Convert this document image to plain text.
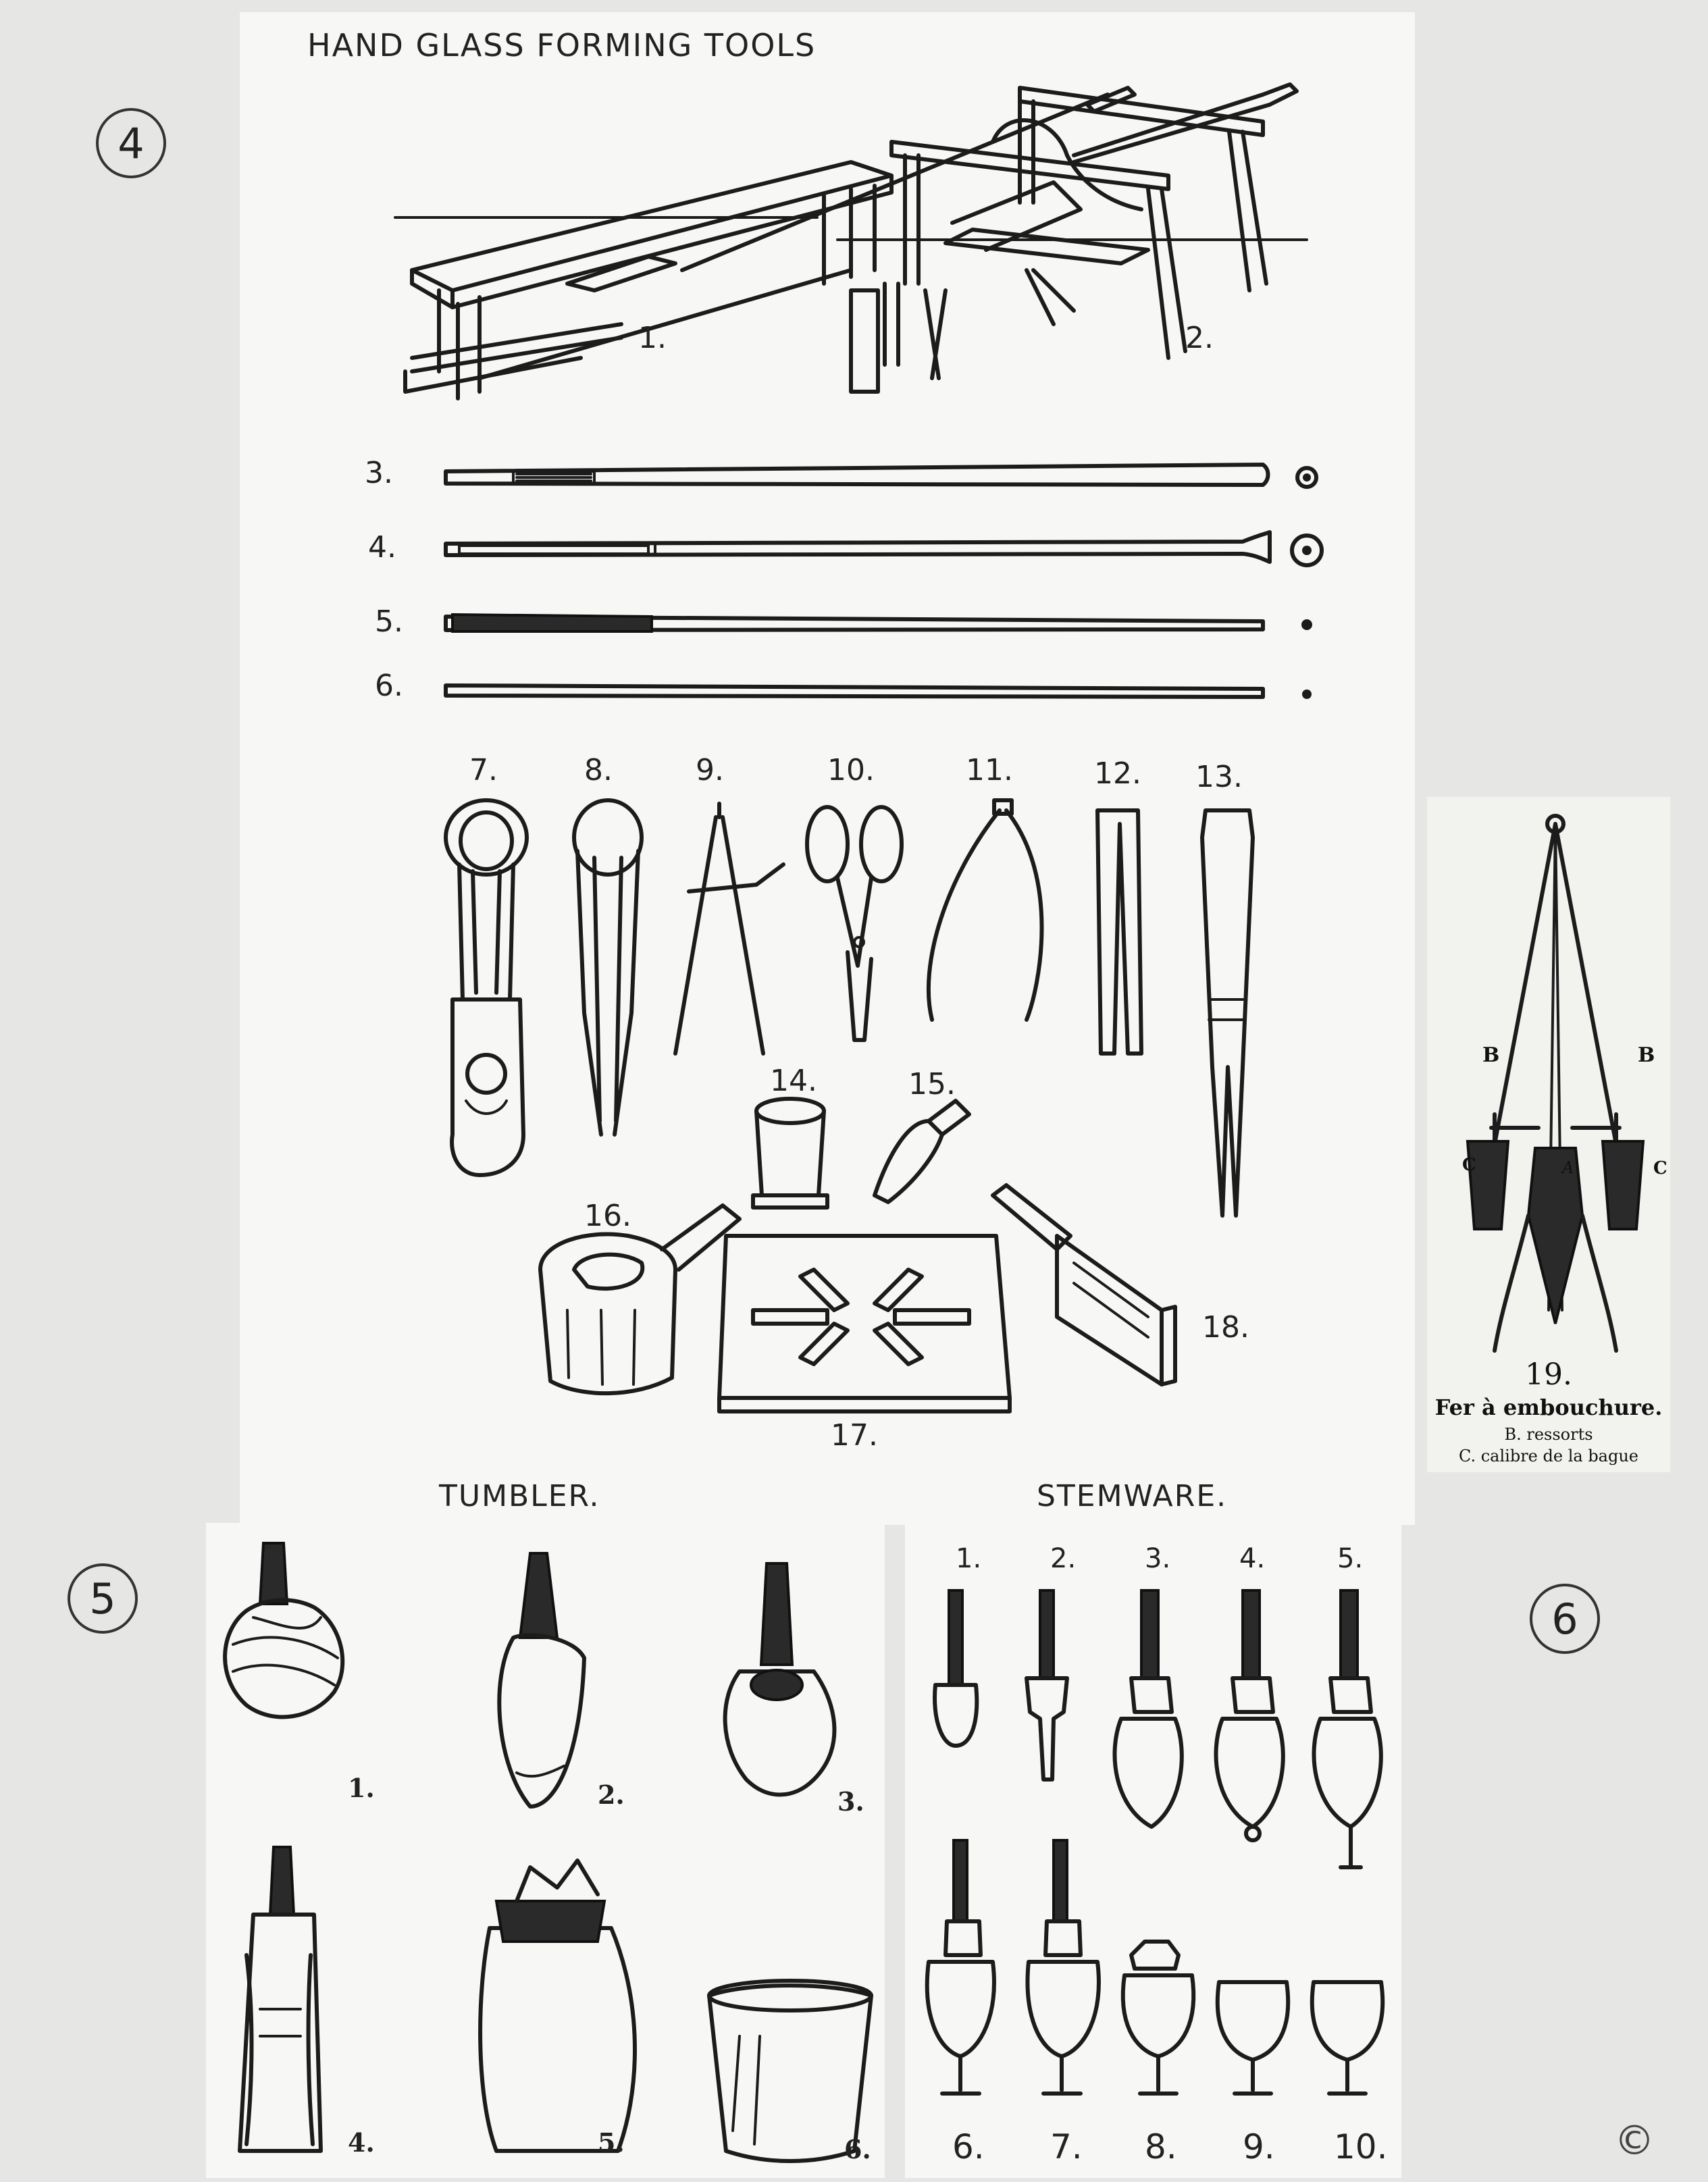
HAND GLASS FORMING TOOLS
4
1.	2.
3.
4.
5.
6.
7.	8.	9.	10.	11.	12. 13.
14.	15.
16.
17.
18.
B	B
C	C
A
19.
Fer à embouchure.
B. ressorts
C. calibre de la bague
TUMBLER.	STEMWARE.
5	6
1.	2.	3.
4.	5.	6.
1.	2.	3.	4.	5.
6. 7. 8. 9. 10.	©
